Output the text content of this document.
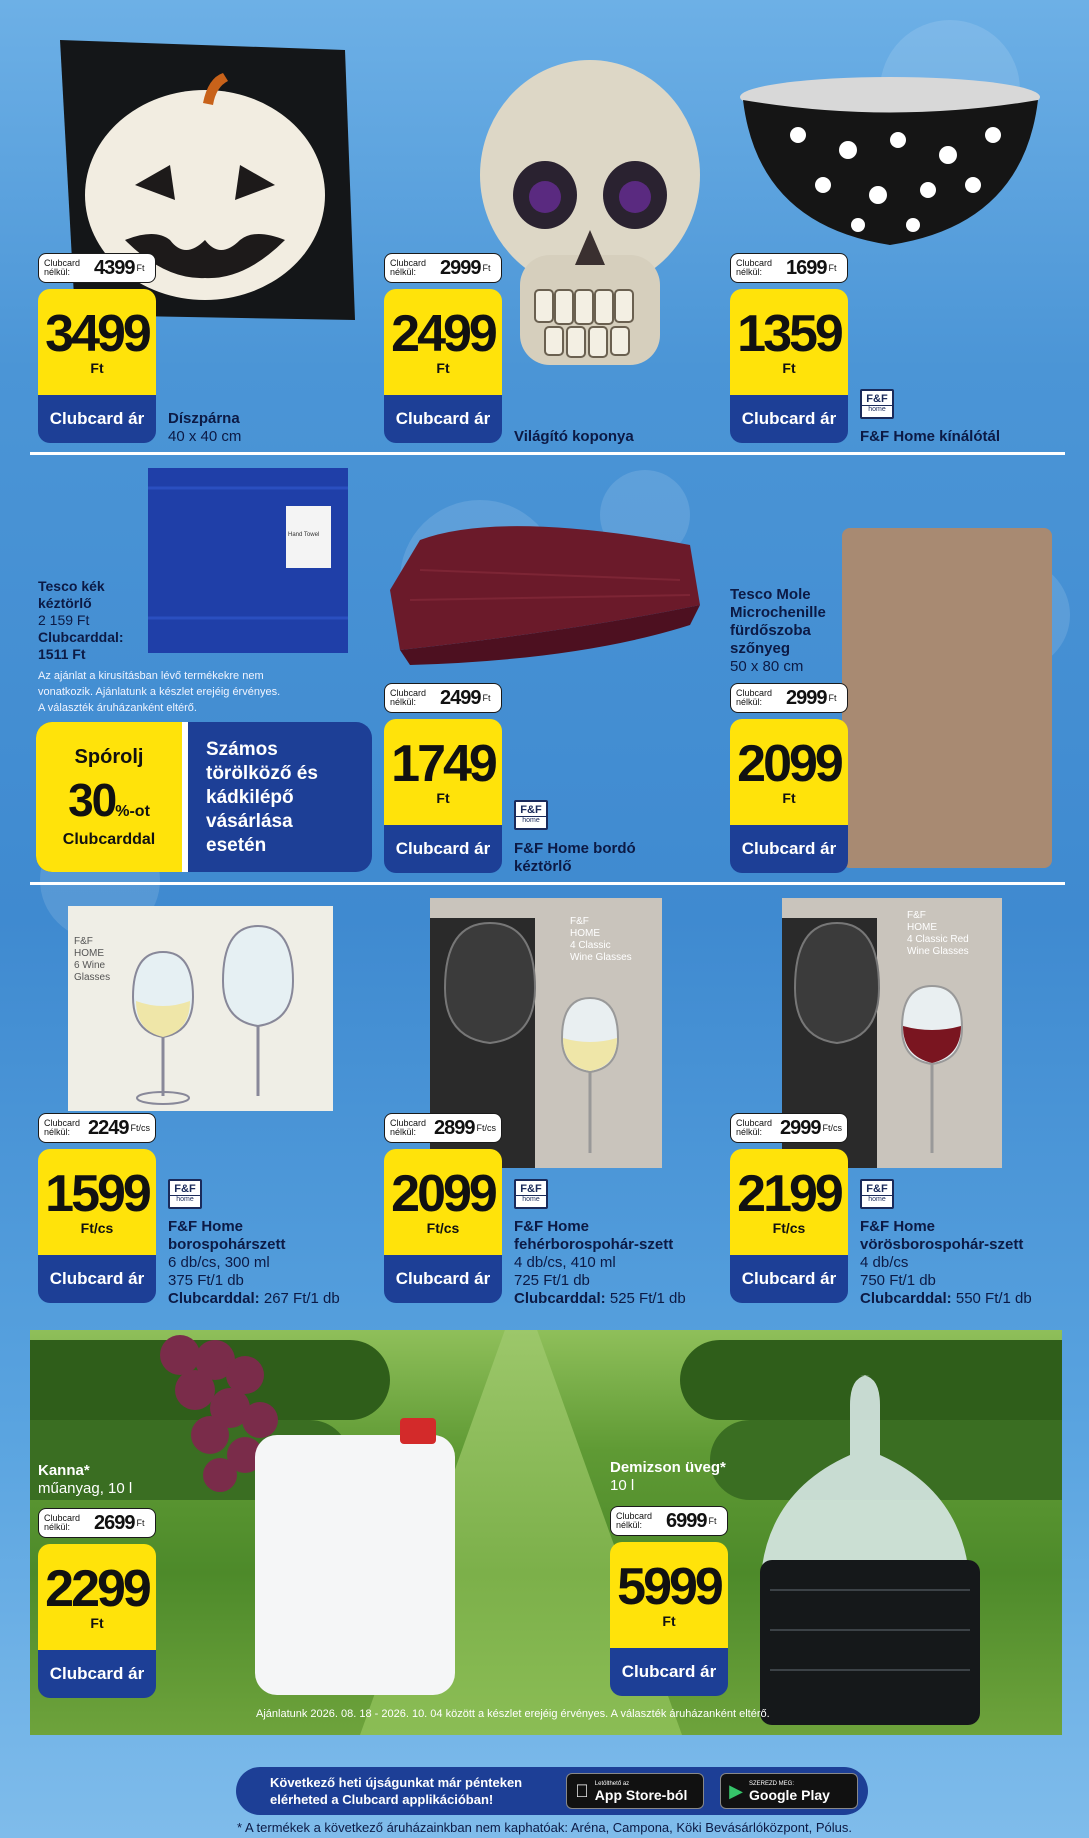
Clubcard nélkül:	4399 Ft
3499
Ft
Clubcard ár	Díszpárna
40 x 40 cm
Clubcard nélkül:	2999 Ft
2499
Ft
Clubcard ár
Világító koponya
Clubcard nélkül:	1699 Ft
1359
Ft
Clubcard ár
F&F
home
F&F Home kínálótál
Hand Towel
Tesco kék
kéztörlő
2 159 Ft
Clubcarddal:
1511 Ft
Az ajánlat a kirusításban lévő termékekre nem
vonatkozik. Ajánlatunk a készlet erejéig érvényes.
A választék áruházanként eltérő.
Spórolj
30%-ot
Clubcarddal
Számos
törölköző és
kádkilépő
vásárlása
esetén
Clubcard nélkül:	2499 Ft
1749
Ft
Clubcard ár
F&F
home
F&F Home bordó
kéztörlő
Tesco Mole
Microchenille
fürdőszoba
szőnyeg
50 x 80 cm
Clubcard nélkül:	2999 Ft
2099
Ft
Clubcard ár
F&F
HOME
6 Wine
Glasses
F&F
HOME
4 Classic
Wine Glasses
F&F
HOME
4 Classic Red
Wine Glasses
Clubcard nélkül: 2249 Ft/cs
1599
Ft/cs
Clubcard ár
F&F
home
F&F Home
borospohárszett
6 db/cs, 300 ml
375 Ft/1 db
Clubcarddal: 267 Ft/1 db
Clubcard nélkül: 2899 Ft/cs
2099
Ft/cs
Clubcard ár
F&F
home
F&F Home
fehérborospohár-szett
4 db/cs, 410 ml
725 Ft/1 db
Clubcarddal: 525 Ft/1 db
Clubcard nélkül: 2999 Ft/cs
2199
Ft/cs
Clubcard ár
F&F
home
F&F Home
vörösborospohár-szett
4 db/cs
750 Ft/1 db
Clubcarddal: 550 Ft/1 db
Kanna*
műanyag, 10 l
Clubcard nélkül:	2699 Ft
2299
Ft
Clubcard ár
Demizson üveg*
10 l
Clubcard nélkül:	6999 Ft
5999
Ft
Clubcard ár
Ajánlatunk 2026. 08. 18 - 2026. 10. 04 között a készlet erejéig érvényes. A választék áruházanként eltérő.
Következő heti újságunkat már pénteken
elérheted a Clubcard applikációban!
Letölthető az
App Store-ból	▶ SZEREZD MEG:
Google Play
* A termékek a következő áruházainkban nem kaphatóak: Aréna, Campona, Köki Bevásárlóközpont, Pólus.
